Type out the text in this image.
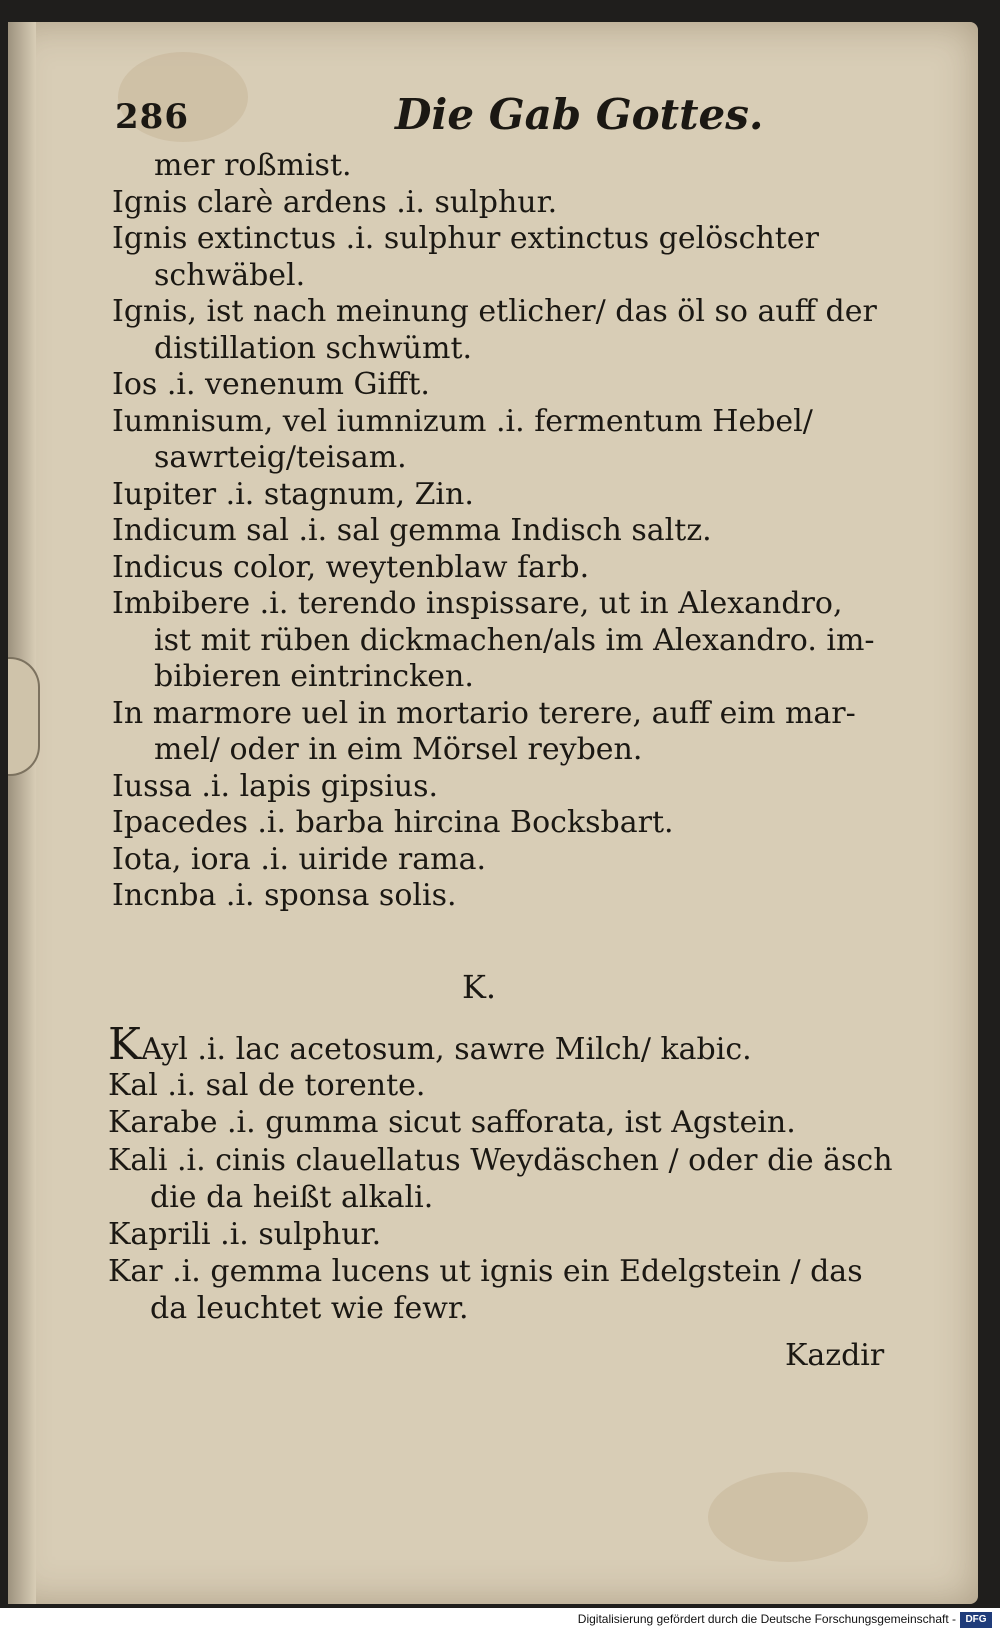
286	Die Gab Gottes.
mer roßmist.
Ignis clarè ardens .i. sulphur.
Ignis extinctus .i. sulphur extinctus gelöschter
schwäbel.
Ignis, ist nach meinung etlicher/ das öl so auff der
distillation schwümt.
Ios .i. venenum Gifft.
Iumnisum, vel iumnizum .i. fermentum Hebel/
sawrteig/teisam.
Iupiter .i. stagnum, Zin.
Indicum sal .i. sal gemma Indisch saltz.
Indicus color, weytenblaw farb.
Imbibere .i. terendo inspissare, ut in Alexandro,
ist mit rüben dickmachen/als im Alexandro. im-
bibieren eintrincken.
In marmore uel in mortario terere, auff eim mar-
mel/ oder in eim Mörsel reyben.
Iussa .i. lapis gipsius.
Ipacedes .i. barba hircina Bocksbart.
Iota, iora .i. uiride rama.
Incnba .i. sponsa solis.
K.
KAyl .i. lac acetosum, sawre Milch/ kabic.
Kal .i. sal de torente.
Karabe .i. gumma sicut safforata, ist Agstein.
Kali .i. cinis clauellatus Weydäschen / oder die äsch
die da heißt alkali.
Kaprili .i. sulphur.
Kar .i. gemma lucens ut ignis ein Edelgstein / das
da leuchtet wie fewr.
Kazdir
Digitalisierung gefördert durch die Deutsche Forschungsgemeinschaft - DFG
